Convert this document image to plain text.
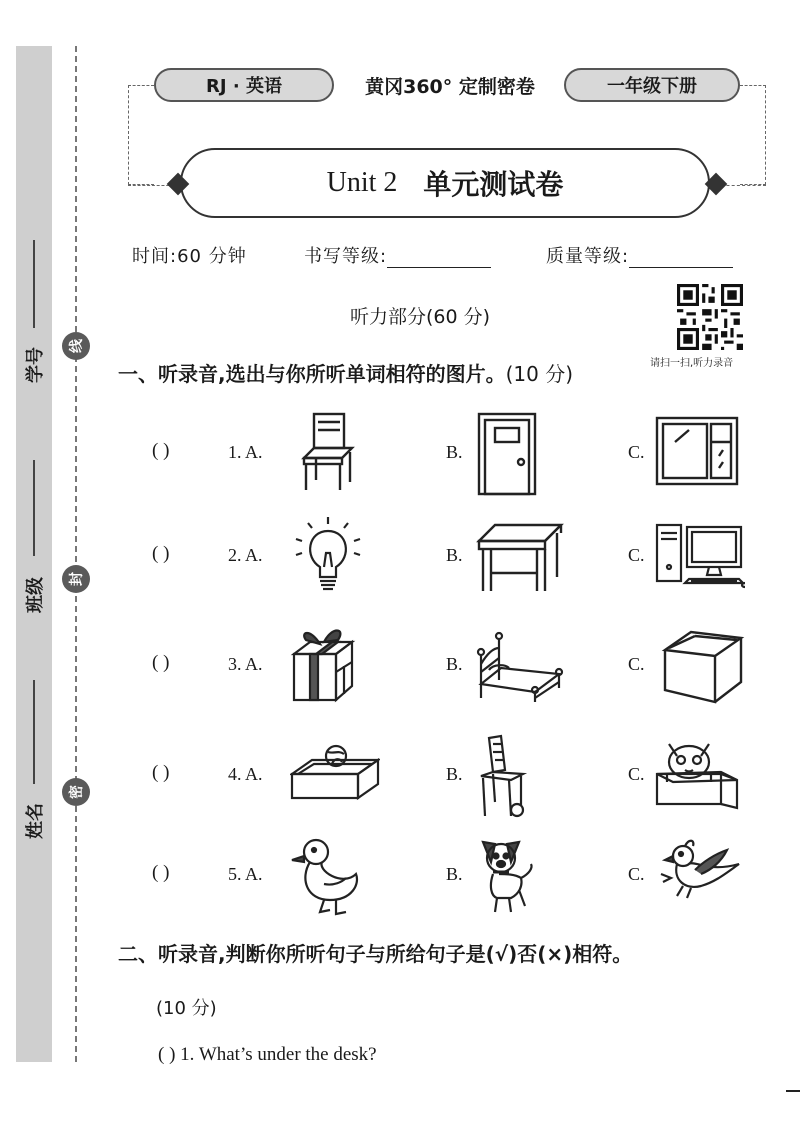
学号
班级
姓名
线
封
密
RJ · 英语	黄冈360° 定制密卷	一年级下册
Unit 2 单元测试卷
时间:60 分钟	书写等级:	质量等级:
听力部分(60 分)
请扫一扫,听力录音
一、听录音,选出与你所听单词相符的图片。(10 分)
( )	1. A.	B.	C.
( )	2. A.	B.	C.
( )	3. A.	B.	C.
( )	4. A.	B.	C.
( )	5. A.	B.	C.
二、听录音,判断你所听句子与所给句子是(√)否(×)相符。
(10 分)
( ) 1. What’s under the desk?
